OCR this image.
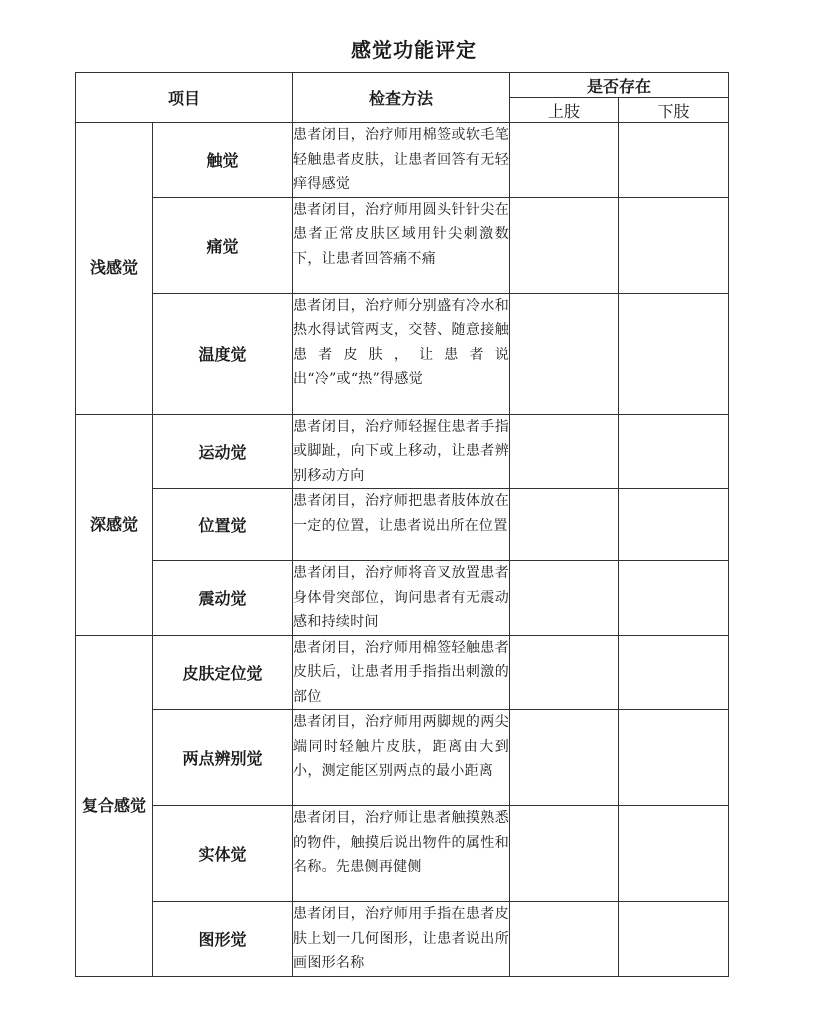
感觉功能评定
项目		检查方法	是否存在	
			上肢	下肢
浅感觉	触觉	患者闭目，治疗师用棉签或软毛笔轻触患者皮肤，让患者回答有无轻痒得感觉		
	痛觉	患者闭目，治疗师用圆头针针尖在患者正常皮肤区域用针尖刺激数下，让患者回答痛不痛		
	温度觉	患者闭目，治疗师分别盛有冷水和热水得试管两支，交替、随意接触患者皮肤，让患者说出“冷”或“热”得感觉		
深感觉	运动觉	患者闭目，治疗师轻握住患者手指或脚趾，向下或上移动，让患者辨别移动方向		
	位置觉	患者闭目，治疗师把患者肢体放在一定的位置，让患者说出所在位置		
	震动觉	患者闭目，治疗师将音叉放置患者身体骨突部位，询问患者有无震动感和持续时间		
复合感觉	皮肤定位觉	患者闭目，治疗师用棉签轻触患者皮肤后，让患者用手指指出刺激的部位		
	两点辨别觉	患者闭目，治疗师用两脚规的两尖端同时轻触片皮肤，距离由大到小，测定能区别两点的最小距离		
	实体觉	患者闭目，治疗师让患者触摸熟悉的物件，触摸后说出物件的属性和名称。先患侧再健侧		
	图形觉	患者闭目，治疗师用手指在患者皮肤上划一几何图形，让患者说出所画图形名称		
